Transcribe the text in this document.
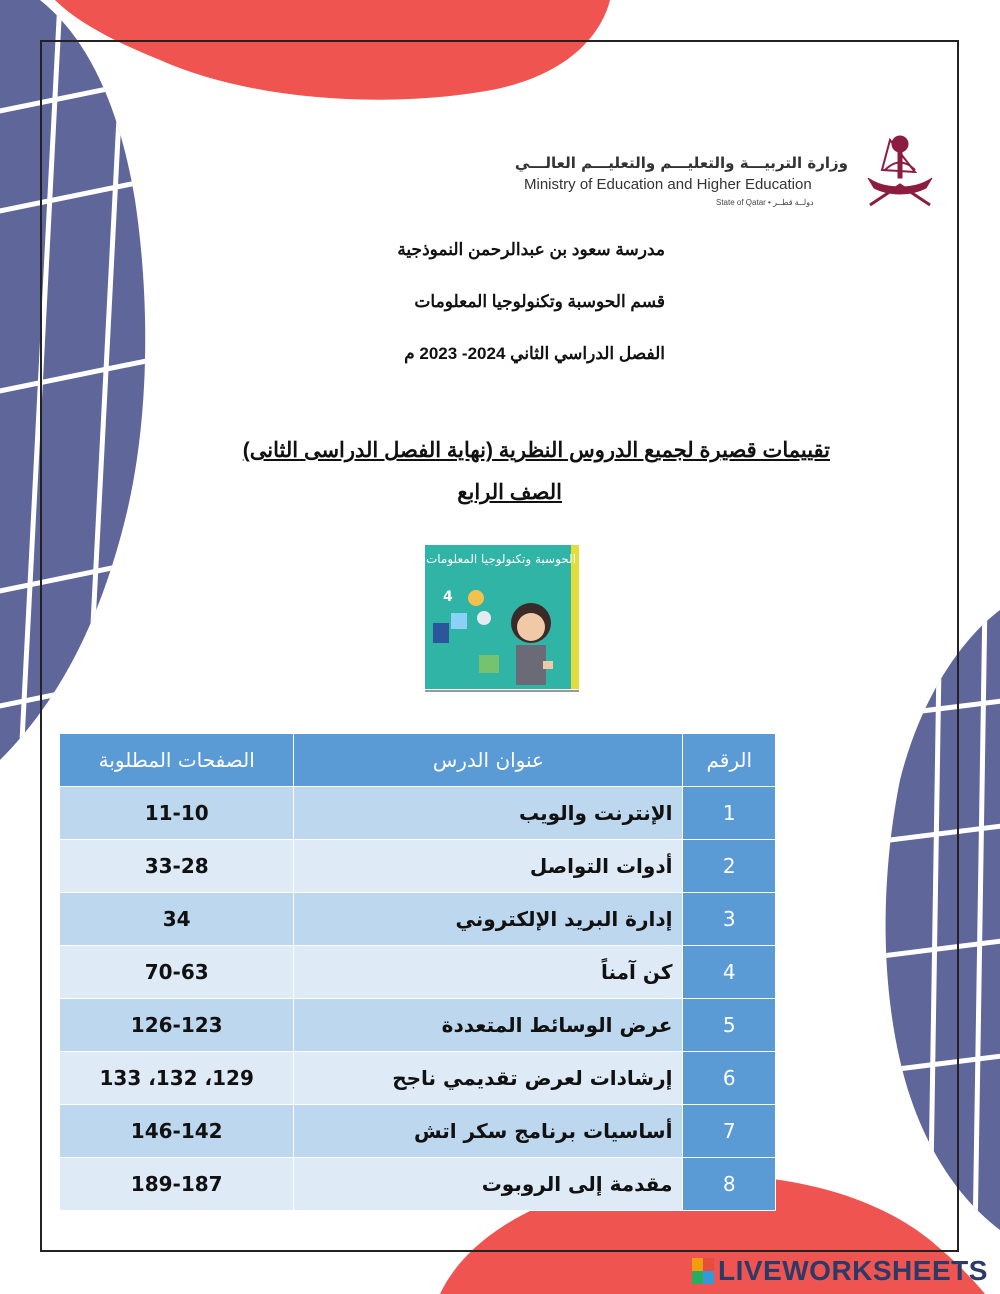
وزارة التربيـــة والتعليـــم والتعليـــم العالـــي
Ministry of Education and Higher Education
State of Qatar • دولــة قطــر
مدرسة سعود بن عبدالرحمن النموذجية
قسم الحوسبة وتكنولوجيا المعلومات
الفصل الدراسي الثاني 2024- 2023 م
تقييمات قصيرة لجميع الدروس النظرية (نهاية الفصل الدراسى الثانى)
الصف الرابع
الحوسبة وتكنولوجيا المعلومات
4
الرقم	عنوان الدرس	الصفحات المطلوبة
1	الإنترنت والويب	11-10
2	أدوات التواصل	33-28
3	إدارة البريد الإلكتروني	34
4	كن آمناً	70-63
5	عرض الوسائط المتعددة	126-123
6	إرشادات لعرض تقديمي ناجح	133 ،132 ،129
7	أساسيات برنامج سكر اتش	146-142
8	مقدمة إلى الروبوت	189-187
LIVEWORKSHEETS
